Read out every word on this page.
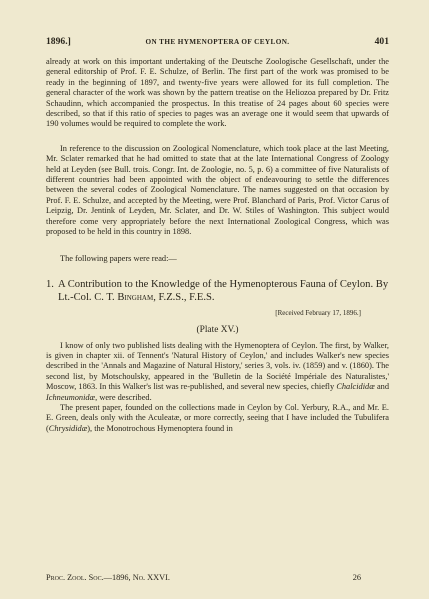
1896.]	ON THE HYMENOPTERA OF CEYLON.	401

already at work on this important undertaking of the Deutsche Zoologische Gesellschaft, under the general editorship of Prof. F. E. Schulze, of Berlin. The first part of the work was promised to be ready in the beginning of 1897, and twenty-five years were allowed for its full completion. The general character of the work was shown by the pattern treatise on the Heliozoa prepared by Dr. Fritz Schaudinn, which accompanied the prospectus. In this treatise of 24 pages about 60 species were described, so that if this ratio of species to pages was an average one it would seem that upwards of 190 volumes would be required to complete the work.

In reference to the discussion on Zoological Nomenclature, which took place at the last Meeting, Mr. Sclater remarked that he had omitted to state that at the late International Congress of Zoology held at Leyden (see Bull. trois. Congr. Int. de Zoologie, no. 5, p. 6) a committee of five Naturalists of different countries had been appointed with the object of endeavouring to settle the differences between the several codes of Zoological Nomenclature. The names suggested on that occasion by Prof. F. E. Schulze, and accepted by the Meeting, were Prof. Blanchard of Paris, Prof. Victor Carus of Leipzig, Dr. Jentink of Leyden, Mr. Sclater, and Dr. W. Stiles of Washington. This subject would therefore come very appropriately before the next International Zoological Congress, which was proposed to be held in this country in 1898.

The following papers were read:—

1. A Contribution to the Knowledge of the Hymenopterous Fauna of Ceylon. By Lt.-Col. C. T. Bingham, F.Z.S., F.E.S.

[Received February 17, 1896.]
(Plate XV.)

I know of only two published lists dealing with the Hymenoptera of Ceylon. The first, by Walker, is given in chapter xii. of Tennent's 'Natural History of Ceylon,' and includes Walker's new species described in the 'Annals and Magazine of Natural History,' series 3, vols. iv. (1859) and v. (1860). The second list, by Motschoulsky, appeared in the 'Bulletin de la Société Impériale des Naturalistes,' Moscow, 1863. In this Walker's list was re-published, and several new species, chiefly Chalcididæ and Ichneumonidæ, were described.

The present paper, founded on the collections made in Ceylon by Col. Yerbury, R.A., and Mr. E. E. Green, deals only with the Aculeatæ, or more correctly, seeing that I have included the Tubulifera (Chrysididæ), the Monotrochous Hymenoptera found in

Proc. Zool. Soc.—1896, No. XXVI.	26
